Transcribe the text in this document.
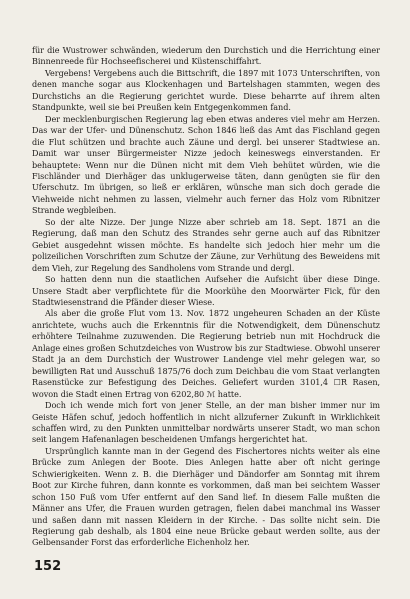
für die Wustrower schwänden, wiederum den Durchstich und die Herrichtung einer Binnenreede für Hochseefischerei und Küstenschiffahrt.

Vergebens! Vergebens auch die Bittschrift, die 1897 mit 1073 Unterschriften, von denen manche sogar aus Klockenhagen und Bartelshagen stammten, wegen des Durchstichs an die Regierung gerichtet wurde. Diese beharrte auf ihrem alten Standpunkte, weil sie bei Preußen kein Entgegenkommen fand.

Der mecklenburgischen Regierung lag eben etwas anderes viel mehr am Herzen. Das war der Ufer- und Dünenschutz. Schon 1846 ließ das Amt das Fischland gegen die Flut schützen und brachte auch Zäune und dergl. bei unserer Stadtwiese an. Damit war unser Bürgermeister Nizze jedoch keineswegs einverstanden. Er behauptete: Wenn nur die Dünen nicht mit dem Vieh behütet würden, wie die Fischländer und Dierhäger das unklugerweise täten, dann genügten sie für den Uferschutz. Im übrigen, so ließ er erklären, wünsche man sich doch gerade die Viehweide nicht nehmen zu lassen, vielmehr auch ferner das Holz vom Ribnitzer Strande wegbleiben.

So der alte Nizze. Der junge Nizze aber schrieb am 18. Sept. 1871 an die Regierung, daß man den Schutz des Strandes sehr gerne auch auf das Ribnitzer Gebiet ausgedehnt wissen möchte. Es handelte sich jedoch hier mehr um die polizeilichen Vorschriften zum Schutze der Zäune, zur Verhütung des Beweidens mit dem Vieh, zur Regelung des Sandholens vom Strande und dergl.

So hatten denn nun die staatlichen Aufseher die Aufsicht über diese Dinge. Unsere Stadt aber verpflichtete für die Moorkühe den Moorwärter Fick, für den Stadtwiesenstrand die Pfänder dieser Wiese.

Als aber die große Flut vom 13. Nov. 1872 ungeheuren Schaden an der Küste anrichtete, wuchs auch die Erkenntnis für die Notwendigkeit, dem Dünenschutz erhöhtere Teilnahme zuzuwenden. Die Regierung betrieb nun mit Hochdruck die Anlage eines großen Schutzdeiches von Wustrow bis zur Stadtwiese. Obwohl unserer Stadt ja an dem Durchstich der Wustrower Landenge viel mehr gelegen war, so bewilligten Rat und Ausschuß 1875/76 doch zum Deichbau die vom Staat verlangten Rasenstücke zur Befestigung des Deiches. Geliefert wurden 3101,4 ☐R Rasen, wovon die Stadt einen Ertrag von 6202,80 ℳ hatte.

Doch ich wende mich fort von jener Stelle, an der man bisher immer nur im Geiste Häfen schuf, jedoch hoffentlich in nicht allzuferner Zukunft in Wirklichkeit schaffen wird, zu den Punkten unmittelbar nordwärts unserer Stadt, wo man schon seit langem Hafenanlagen bescheidenen Umfangs hergerichtet hat.

Ursprünglich kannte man in der Gegend des Fischertores nichts weiter als eine Brücke zum Anlegen der Boote. Dies Anlegen hatte aber oft nicht geringe Schwierigkeiten. Wenn z. B. die Dierhäger und Dändorfer am Sonntag mit ihrem Boot zur Kirche fuhren, dann konnte es vorkommen, daß man bei seichtem Wasser schon 150 Fuß vom Ufer entfernt auf den Sand lief. In diesem Falle mußten die Männer ans Ufer, die Frauen wurden getragen, fielen dabei manchmal ins Wasser und saßen dann mit nassen Kleidern in der Kirche. - Das sollte nicht sein. Die Regierung gab deshalb, als 1804 eine neue Brücke gebaut werden sollte, aus der Gelbensander Forst das erforderliche Eichenholz her.

152
